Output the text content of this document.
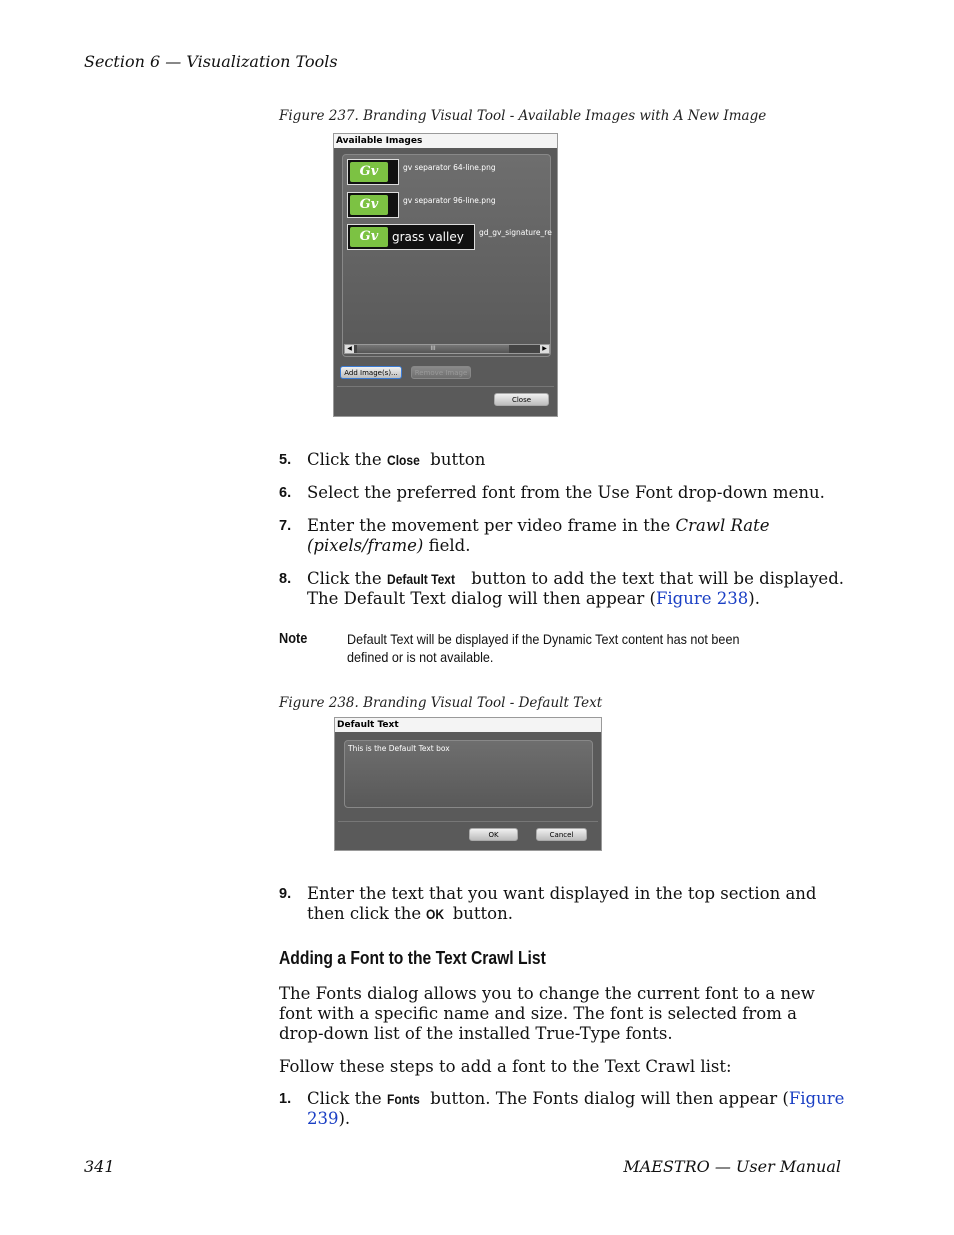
Section 6 — Visualization Tools
Figure 237. Branding Visual Tool - Available Images with A New Image
Available Images
Gv	gv separator 64-line.png
Gv	gv separator 96-line.png
Gv	grass valley gd_gv_signature_re
◀	III	▶
Add Image(s)...	Remove Image
Close
5. Click the Close button
6. Select the preferred font from the Use Font drop-down menu.
7. Enter the movement per video frame in the Crawl Rate (pixels/frame) field.
8. Click the Default Text button to add the text that will be displayed. The Default Text dialog will then appear (Figure 238).
Note	Default Text will be displayed if the Dynamic Text content has not been defined or is not available.
Figure 238. Branding Visual Tool - Default Text
Default Text
This is the Default Text box
OK	Cancel
9. Enter the text that you want displayed in the top section and then click the OK button.
Adding a Font to the Text Crawl List
The Fonts dialog allows you to change the current font to a new font with a specific name and size. The font is selected from a drop-down list of the installed True-Type fonts.
Follow these steps to add a font to the Text Crawl list:
1. Click the Fonts button. The Fonts dialog will then appear (Figure 239).
341	MAESTRO — User Manual
